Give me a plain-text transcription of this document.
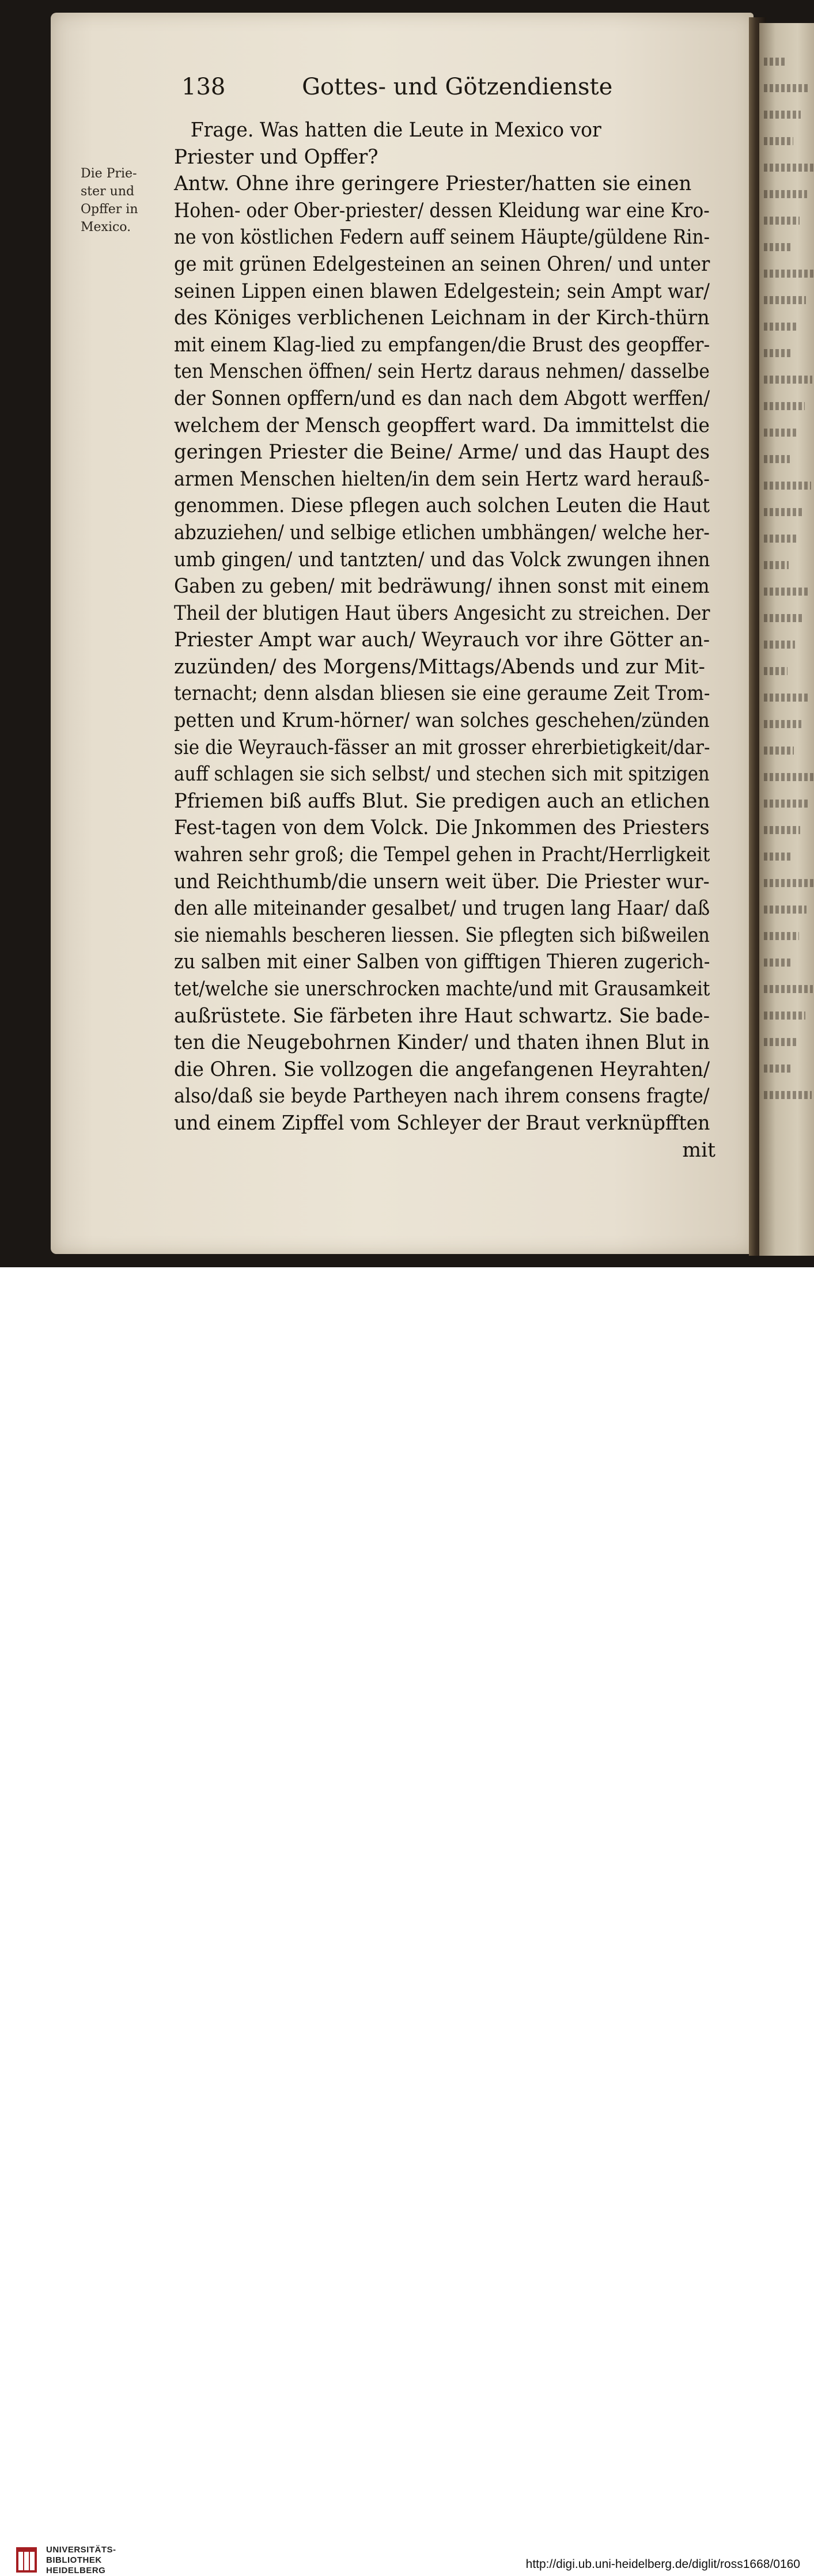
138	Gottes- und Götzendienste
Die Prie-
ster und
Opffer in
Mexico.
Frage. Was hatten die Leute in Mexico vor
Priester und Opffer?
Antw. Ohne ihre geringere Priester/hatten sie einen
Hohen- oder Ober-priester/ dessen Kleidung war eine Kro-
ne von köstlichen Federn auff seinem Häupte/güldene Rin-
ge mit grünen Edelgesteinen an seinen Ohren/ und unter
seinen Lippen einen blawen Edelgestein; sein Ampt war/
des Königes verblichenen Leichnam in der Kirch-thürn
mit einem Klag-lied zu empfangen/die Brust des geopffer-
ten Menschen öffnen/ sein Hertz daraus nehmen/ dasselbe
der Sonnen opffern/und es dan nach dem Abgott werffen/
welchem der Mensch geopffert ward. Da immittelst die
geringen Priester die Beine/ Arme/ und das Haupt des
armen Menschen hielten/in dem sein Hertz ward herauß-
genommen. Diese pflegen auch solchen Leuten die Haut
abzuziehen/ und selbige etlichen umbhängen/ welche her-
umb gingen/ und tantzten/ und das Volck zwungen ihnen
Gaben zu geben/ mit bedräwung/ ihnen sonst mit einem
Theil der blutigen Haut übers Angesicht zu streichen. Der
Priester Ampt war auch/ Weyrauch vor ihre Götter an-
zuzünden/ des Morgens/Mittags/Abends und zur Mit-
ternacht; denn alsdan bliesen sie eine geraume Zeit Trom-
petten und Krum-hörner/ wan solches geschehen/zünden
sie die Weyrauch-fässer an mit grosser ehrerbietigkeit/dar-
auff schlagen sie sich selbst/ und stechen sich mit spitzigen
Pfriemen biß auffs Blut. Sie predigen auch an etlichen
Fest-tagen von dem Volck. Die Jnkommen des Priesters
wahren sehr groß; die Tempel gehen in Pracht/Herrligkeit
und Reichthumb/die unsern weit über. Die Priester wur-
den alle miteinander gesalbet/ und trugen lang Haar/ daß
sie niemahls bescheren liessen. Sie pflegten sich bißweilen
zu salben mit einer Salben von gifftigen Thieren zugerich-
tet/welche sie unerschrocken machte/und mit Grausamkeit
außrüstete. Sie färbeten ihre Haut schwartz. Sie bade-
ten die Neugebohrnen Kinder/ und thaten ihnen Blut in
die Ohren. Sie vollzogen die angefangenen Heyrahten/
also/daß sie beyde Partheyen nach ihrem consens fragte/
und einem Zipffel vom Schleyer der Braut verknüpfften
mit
UNIVERSITÄTS-
BIBLIOTHEK
HEIDELBERG	http://digi.ub.uni-heidelberg.de/diglit/ross1668/0160
